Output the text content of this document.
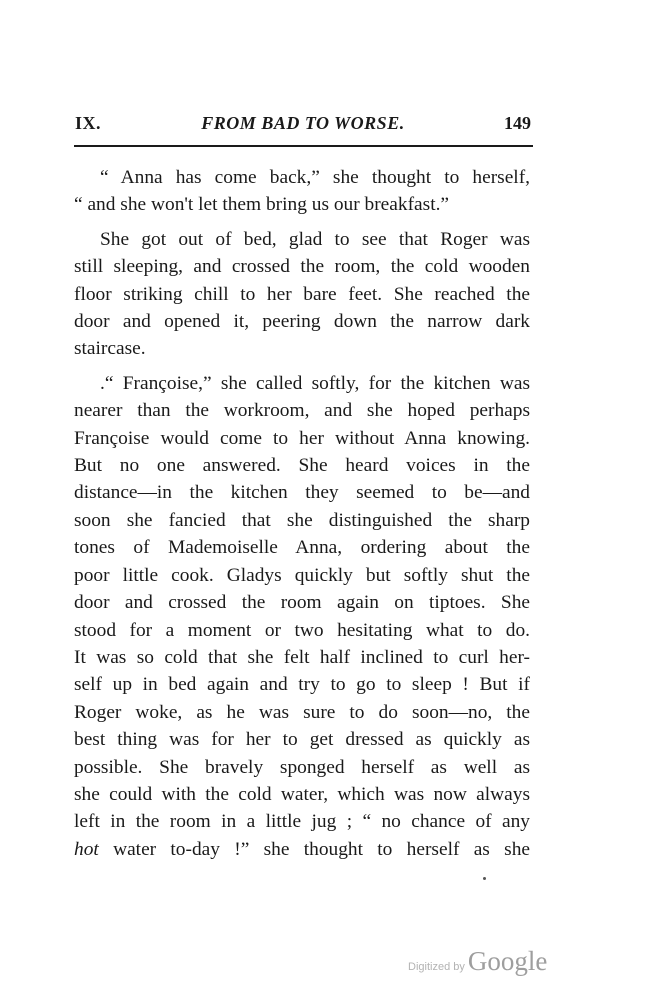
IX.	FROM BAD TO WORSE.	149
“ Anna has come back,” she thought to herself,
“ and she won't let them bring us our breakfast.”
She got out of bed, glad to see that Roger was
still sleeping, and crossed the room, the cold wooden
floor striking chill to her bare feet. She reached the
door and opened it, peering down the narrow dark
staircase.
.“ Françoise,” she called softly, for the kitchen was
nearer than the workroom, and she hoped perhaps
Françoise would come to her without Anna knowing.
But no one answered. She heard voices in the
distance—in the kitchen they seemed to be—and
soon she fancied that she distinguished the sharp
tones of Mademoiselle Anna, ordering about the
poor little cook. Gladys quickly but softly shut the
door and crossed the room again on tiptoes. She
stood for a moment or two hesitating what to do.
It was so cold that she felt half inclined to curl her-
self up in bed again and try to go to sleep ! But if
Roger woke, as he was sure to do soon—no, the
best thing was for her to get dressed as quickly as
possible. She bravely sponged herself as well as
she could with the cold water, which was now always
left in the room in a little jug ; “ no chance of any
hot water to-day !” she thought to herself as she
Digitized by Google
